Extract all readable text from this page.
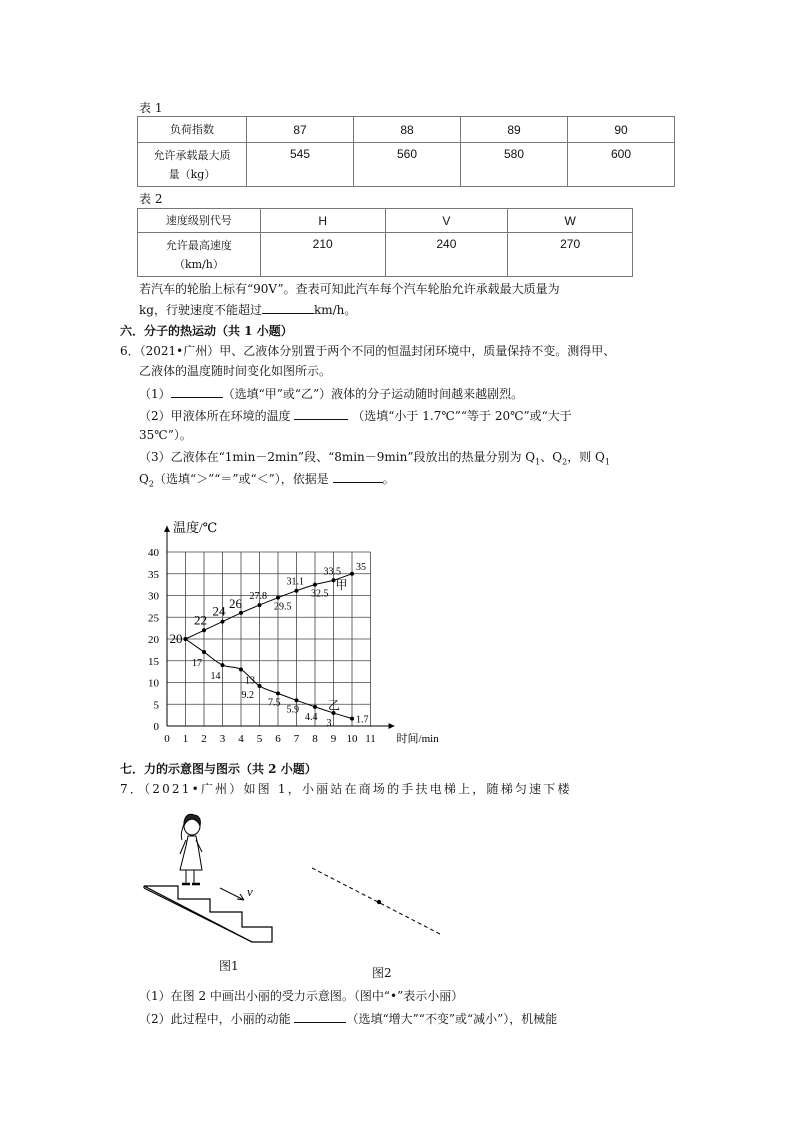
表 1
负荷指数	87	88	89	90
允许承载最大质
量（kg）	545	560	580	600
表 2
速度级别代号	H	V	W
允许最高速度
（km/h）	210	240	270
若汽车的轮胎上标有“90V”。查表可知此汽车每个汽车轮胎允许承载最大质量为
kg，行驶速度不能超过	km/h。
六．分子的热运动（共 1 小题）
6．（2021•广州）甲、乙液体分别置于两个不同的恒温封闭环境中，质量保持不变。测得甲、
乙液体的温度随时间变化如图所示。
（1）	（选填“甲”或“乙”）液体的分子运动随时间越来越剧烈。
（2）甲液体所在环境的温度	（选填“小于 1.7℃”“等于 20℃”或“大于
35℃”）。
（3）乙液体在“1min－2min”段、“8min－9min”段放出的热量分别为 $Q_1$、$Q_2$，则 $Q_1$
$Q_2$（选填“＞”“＝”或“＜”），依据是	。
0 1 2 3 4 5 6 7 8 9 10 11
0
5
10
15
20
25
30
35
40
温度/℃
时间/min
20
22
24
26 27.8
29.5
31.1
32.5
33.5 35
17
14 13
9.2
7.5
5.9
4.4
3 1.7
甲
乙
七．力的示意图与图示（共 2 小题）
7．（2021•广州）如图 1，小丽站在商场的手扶电梯上，随梯匀速下楼
v
图1	图2
（1）在图 2 中画出小丽的受力示意图。（图中“•”表示小丽）
（2）此过程中，小丽的动能	（选填“增大”“不变”或“减小”），机械能
